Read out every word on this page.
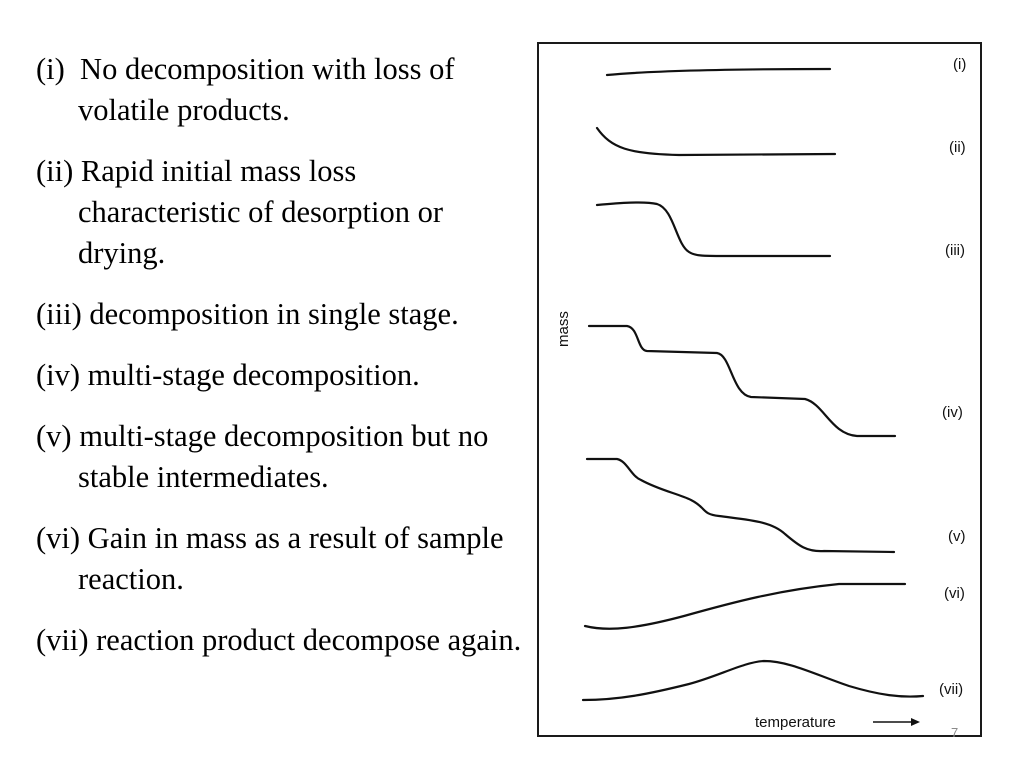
(i) No decomposition with loss of volatile products.
(ii) Rapid initial mass loss characteristic of desorption or drying.
(iii) decomposition in single stage.
(iv) multi-stage decomposition.
(v) multi-stage decomposition but no stable intermediates.
(vi) Gain in mass as a result of sample reaction.
(vii) reaction product decompose again.
(i)
(ii)
(iii)
(iv)
(v)
(vi)
(vii)
mass
temperature
7
